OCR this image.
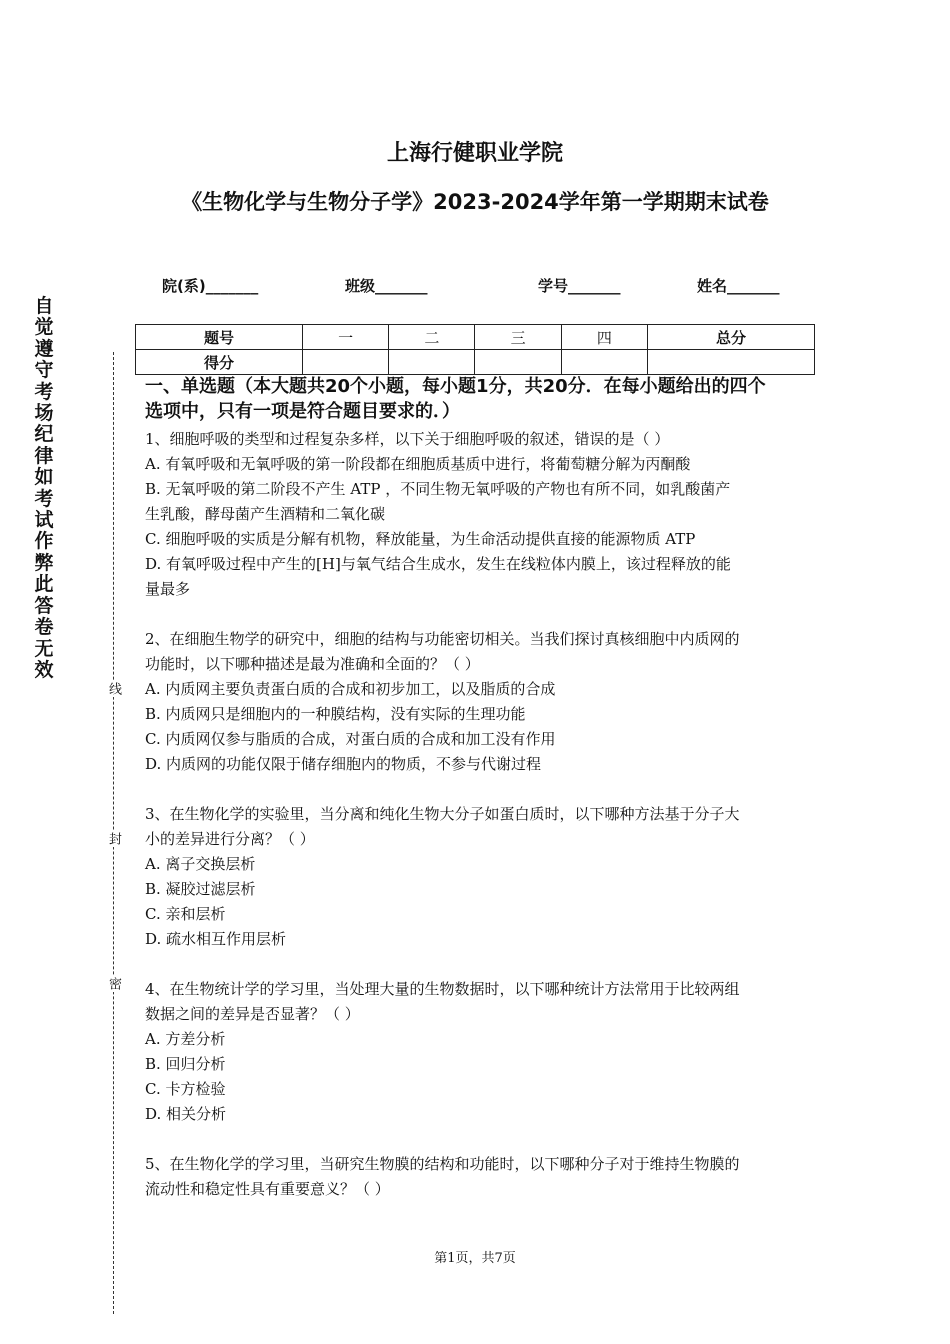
上海行健职业学院
《生物化学与生物分子学》2023-2024学年第一学期期末试卷
院(系)_______	班级_______	学号_______	姓名_______
题号	一	二	三	四	总分
得分					
自
觉
遵
守
考
场
纪
律
如
考
试
作
弊
此
答
卷
无
效
线
封
密
一、单选题（本大题共20个小题，每小题1分，共20分．在每小题给出的四个
选项中，只有一项是符合题目要求的．）

1、细胞呼吸的类型和过程复杂多样，以下关于细胞呼吸的叙述，错误的是（ ）

A. 有氧呼吸和无氧呼吸的第一阶段都在细胞质基质中进行，将葡萄糖分解为丙酮酸

B. 无氧呼吸的第二阶段不产生 ATP ，不同生物无氧呼吸的产物也有所不同，如乳酸菌产

生乳酸，酵母菌产生酒精和二氧化碳

C. 细胞呼吸的实质是分解有机物，释放能量，为生命活动提供直接的能源物质 ATP

D. 有氧呼吸过程中产生的[H]与氧气结合生成水，发生在线粒体内膜上，该过程释放的能

量最多

2、在细胞生物学的研究中，细胞的结构与功能密切相关。当我们探讨真核细胞中内质网的

功能时，以下哪种描述是最为准确和全面的？（ ）

A. 内质网主要负责蛋白质的合成和初步加工，以及脂质的合成

B. 内质网只是细胞内的一种膜结构，没有实际的生理功能

C. 内质网仅参与脂质的合成，对蛋白质的合成和加工没有作用

D. 内质网的功能仅限于储存细胞内的物质，不参与代谢过程

3、在生物化学的实验里，当分离和纯化生物大分子如蛋白质时，以下哪种方法基于分子大

小的差异进行分离？（ ）

A. 离子交换层析

B. 凝胶过滤层析

C. 亲和层析

D. 疏水相互作用层析

4、在生物统计学的学习里，当处理大量的生物数据时，以下哪种统计方法常用于比较两组

数据之间的差异是否显著？（ ）

A. 方差分析

B. 回归分析

C. 卡方检验

D. 相关分析

5、在生物化学的学习里，当研究生物膜的结构和功能时，以下哪种分子对于维持生物膜的

流动性和稳定性具有重要意义？（ ）

第1页，共7页
